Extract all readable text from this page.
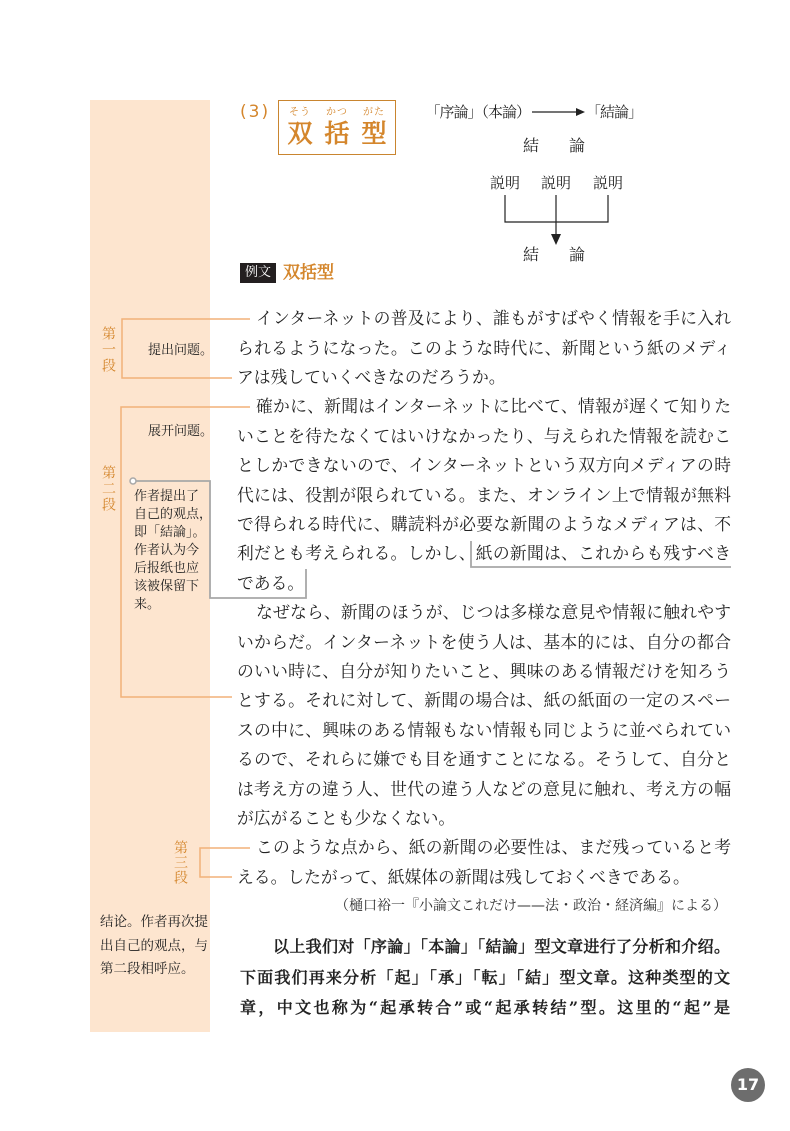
(3) そう
双
かつ
括
がた
型
「序論」（本論）	「結論」
結　論
説明 説明 説明
結　論
例文 双括型
インターネットの普及により、誰もがすばやく情報を手に入れ
られるようになった。このような時代に、新聞という紙のメディ
アは残していくべきなのだろうか。
確かに、新聞はインターネットに比べて、情報が遅くて知りた
いことを待たなくてはいけなかったり、与えられた情報を読むこ
としかできないので、インターネットという双方向メディアの時
代には、役割が限られている。また、オンライン上で情報が無料
で得られる時代に、購読料が必要な新聞のようなメディアは、不
利だとも考えられる。しかし、紙の新聞は、これからも残すべき
である。
なぜなら、新聞のほうが、じつは多様な意見や情報に触れやす
いからだ。インターネットを使う人は、基本的には、自分の都合
のいい時に、自分が知りたいこと、興味のある情報だけを知ろう
とする。それに対して、新聞の場合は、紙の紙面の一定のスペー
スの中に、興味のある情報もない情報も同じように並べられてい
るので、それらに嫌でも目を通すことになる。そうして、自分と
は考え方の違う人、世代の違う人などの意見に触れ、考え方の幅
が広がることも少なくない。
このような点から、紙の新聞の必要性は、まだ残っていると考
える。したがって、紙媒体の新聞は残しておくべきである。
（樋口裕一『小論文これだけ——法・政治・経済編』による）
第一段 提出问题。
第二段
展开问题。
作者提出了
自己的观点，
即「結論」。
作者认为今
后报纸也应
该被保留下
来。
第三段
结论。作者再次提
出自己的观点，与
第二段相呼应。
以上我们对「序論」「本論」「結論」型文章进行了分析和介绍。
下面我们再来分析「起」「承」「転」「結」型文章。这种类型的文
章，中文也称为“起承转合”或“起承转结”型。这里的“起”是
17
